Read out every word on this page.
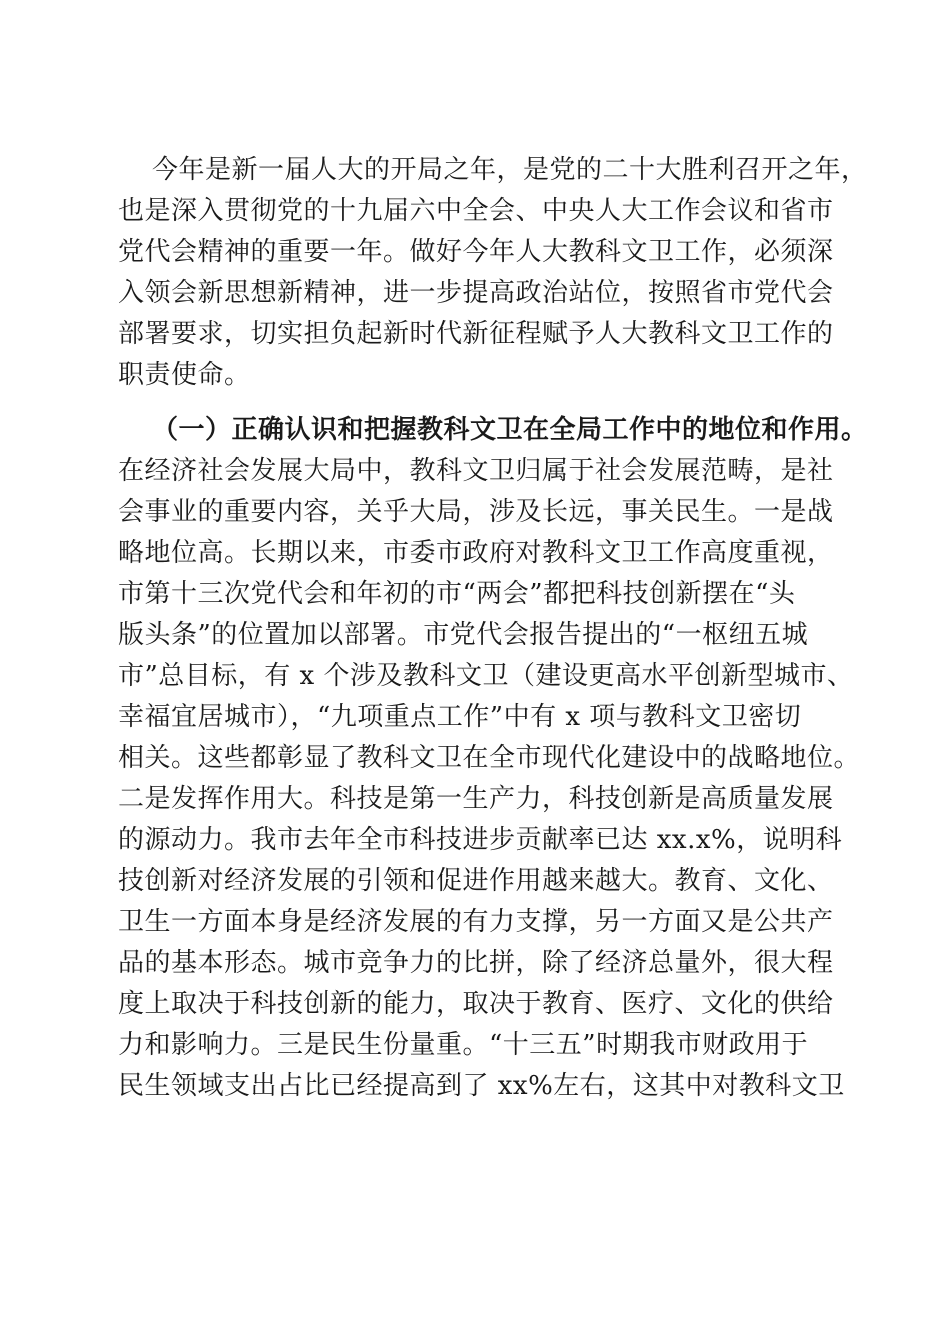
今年是新一届人大的开局之年，是党的二十大胜利召开之年，
也是深入贯彻党的十九届六中全会、中央人大工作会议和省市
党代会精神的重要一年。做好今年人大教科文卫工作，必须深
入领会新思想新精神，进一步提高政治站位，按照省市党代会
部署要求，切实担负起新时代新征程赋予人大教科文卫工作的
职责使命。
（一）正确认识和把握教科文卫在全局工作中的地位和作用。
在经济社会发展大局中，教科文卫归属于社会发展范畴，是社
会事业的重要内容，关乎大局，涉及长远，事关民生。一是战
略地位高。长期以来，市委市政府对教科文卫工作高度重视，
市第十三次党代会和年初的市“两会”都把科技创新摆在“头
版头条”的位置加以部署。市党代会报告提出的“一枢纽五城
市”总目标，有 x 个涉及教科文卫（建设更高水平创新型城市、
幸福宜居城市），“九项重点工作”中有 x 项与教科文卫密切
相关。这些都彰显了教科文卫在全市现代化建设中的战略地位。
二是发挥作用大。科技是第一生产力，科技创新是高质量发展
的源动力。我市去年全市科技进步贡献率已达 xx.x%，说明科
技创新对经济发展的引领和促进作用越来越大。教育、文化、
卫生一方面本身是经济发展的有力支撑，另一方面又是公共产
品的基本形态。城市竞争力的比拼，除了经济总量外，很大程
度上取决于科技创新的能力，取决于教育、医疗、文化的供给
力和影响力。三是民生份量重。“十三五”时期我市财政用于
民生领域支出占比已经提高到了 xx%左右，这其中对教科文卫
